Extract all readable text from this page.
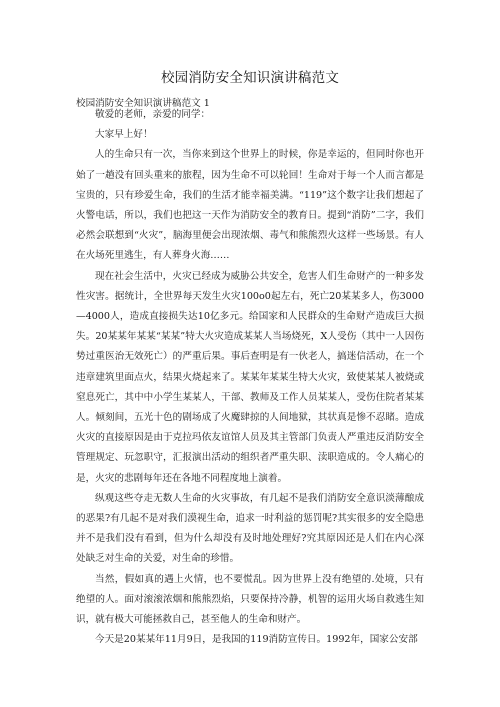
校园消防安全知识演讲稿范文
校园消防安全知识演讲稿范文 1

敬爱的老师，亲爱的同学：

大家早上好！

人的生命只有一次，当你来到这个世界上的时候，你是幸运的，但同时你也开始了一趟没有回头重来的旅程，因为生命不可以轮回！生命对于每一个人而言都是宝贵的，只有珍爱生命，我们的生活才能幸福美满。“119”这个数字让我们想起了火警电话，所以，我们也把这一天作为消防安全的教育日。提到“消防”二字，我们必然会联想到“火灾”，脑海里便会出现浓烟、毒气和熊熊烈火这样一些场景。有人在火场死里逃生，有人葬身火海……

现在社会生活中，火灾已经成为威胁公共安全，危害人们生命财产的一种多发性灾害。据统计，全世界每天发生火灾100o0起左右，死亡20某某多人，伤3000—4000人，造成直接损失达10亿多元。给国家和人民群众的生命财产造成巨大损失。20某某年某某“某某”特大火灾造成某某人当场烧死，X人受伤（其中一人因伤势过重医治无效死亡）的严重后果。事后查明是有一伙老人，搞迷信活动，在一个违章建筑里面点火，结果火烧起来了。某某年某某生特大火灾，致使某某人被烧或窒息死亡，其中中小学生某某人，干部、教师及工作人员某某人，受伤住院者某某人。倾刻间，五光十色的剧场成了火魔肆掠的人间地狱，其状真是惨不忍睹。造成火灾的直接原因是由于克拉玛依友谊馆人员及其主管部门负责人严重违反消防安全管理规定、玩忽职守，汇报演出活动的组织者严重失职、渎职造成的。令人痛心的是，火灾的悲剧每年还在各地不同程度地上演着。

纵观这些夺走无数人生命的火灾事故，有几起不是我们消防安全意识淡薄酿成的恶果?有几起不是对我们漠视生命，追求一时利益的惩罚呢?其实很多的安全隐患并不是我们没有看到，但为什么却没有及时地处理好?究其原因还是人们在内心深处缺乏对生命的关爱，对生命的珍惜。

当然，假如真的遇上火情，也不要慌乱。因为世界上没有绝望的.处境，只有绝望的人。面对滚滚浓烟和熊熊烈焰，只要保持冷静，机智的运用火场自救逃生知识，就有极大可能拯救自己，甚至他人的生命和财产。

今天是20某某年11月9日，是我国的119消防宣传日。1992年，国家公安部
